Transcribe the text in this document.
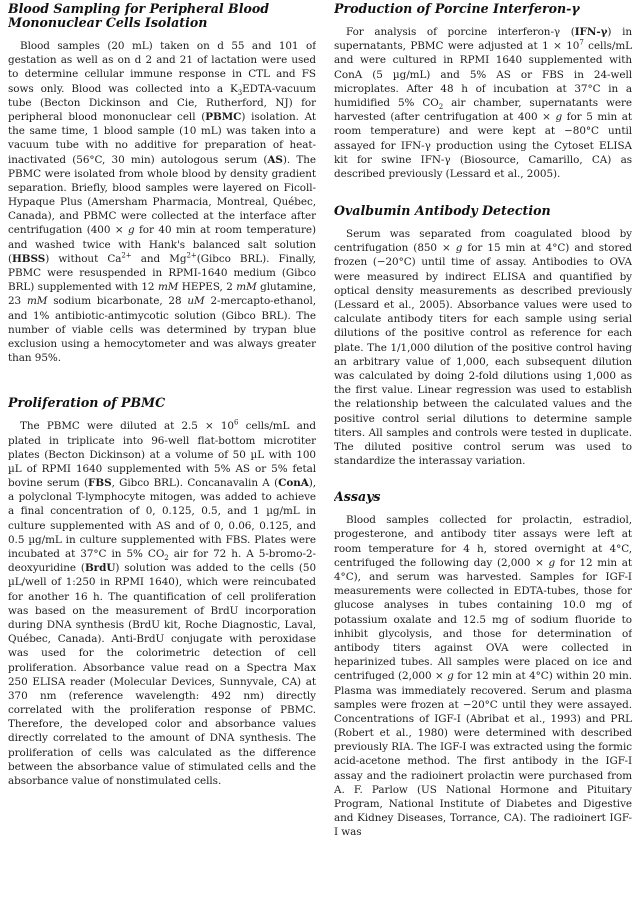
Blood Sampling for Peripheral Blood Mononuclear Cells Isolation

Blood samples (20 mL) taken on d 55 and 101 of gestation as well as on d 2 and 21 of lactation were used to determine cellular immune response in CTL and FS sows only. Blood was collected into a $K_3EDTA$-vacuum tube (Becton Dickinson and Cie, Rutherford, NJ) for peripheral blood mononuclear cell (PBMC) isolation. At the same time, 1 blood sample (10 mL) was taken into a vacuum tube with no additive for preparation of heat-inactivated (56°C, 30 min) autologous serum (AS). The PBMC were isolated from whole blood by density gradient separation. Briefly, blood samples were layered on Ficoll-Hypaque Plus (Amersham Pharmacia, Montreal, Québec, Canada), and PBMC were collected at the interface after centrifugation (400 × g for 40 min at room temperature) and washed twice with Hank's balanced salt solution (HBSS) without $Ca^{2+}$ and $Mg^{2+}(Gibco$ BRL). Finally, PBMC were resuspended in RPMI-1640 medium (Gibco BRL) supplemented with 12 mM HEPES, 2 mM glutamine, 23 mM sodium bicarbonate, 28 uM 2-mercapto-ethanol, and 1% antibiotic-antimycotic solution (Gibco BRL). The number of viable cells was determined by trypan blue exclusion using a hemocytometer and was always greater than 95%.

Proliferation of PBMC

The PBMC were diluted at $2.5 \times 10^6$ cells/mL and plated in triplicate into 96-well flat-bottom microtiter plates (Becton Dickinson) at a volume of 50 µL with 100 µL of RPMI 1640 supplemented with 5% AS or 5% fetal bovine serum (FBS, Gibco BRL). Concanavalin A (ConA), a polyclonal T-lymphocyte mitogen, was added to achieve a final concentration of 0, 0.125, 0.5, and 1 µg/mL in culture supplemented with AS and of 0, 0.06, 0.125, and 0.5 µg/mL in culture supplemented with FBS. Plates were incubated at 37°C in 5% $CO_2$ air for 72 h. A 5-bromo-2-deoxyuridine (BrdU) solution was added to the cells (50 µL/well of 1:250 in RPMI 1640), which were reincubated for another 16 h. The quantification of cell proliferation was based on the measurement of BrdU incorporation during DNA synthesis (BrdU kit, Roche Diagnostic, Laval, Québec, Canada). Anti-BrdU conjugate with peroxidase was used for the colorimetric detection of cell proliferation. Absorbance value read on a Spectra Max 250 ELISA reader (Molecular Devices, Sunnyvale, CA) at 370 nm (reference wavelength: 492 nm) directly correlated with the proliferation response of PBMC. Therefore, the developed color and absorbance values directly correlated to the amount of DNA synthesis. The proliferation of cells was calculated as the difference between the absorbance value of stimulated cells and the absorbance value of nonstimulated cells.

Production of Porcine Interferon-γ

For analysis of porcine interferon-γ (IFN-γ) in supernatants, PBMC were adjusted at $1 \times 10^7$ cells/mL and were cultured in RPMI 1640 supplemented with ConA (5 µg/mL) and 5% AS or FBS in 24-well microplates. After 48 h of incubation at 37°C in a humidified 5% $CO_2$ air chamber, supernatants were harvested (after centrifugation at 400 × g for 5 min at room temperature) and were kept at −80°C until assayed for IFN-γ production using the Cytoset ELISA kit for swine IFN-γ (Biosource, Camarillo, CA) as described previously (Lessard et al., 2005).

Ovalbumin Antibody Detection

Serum was separated from coagulated blood by centrifugation (850 × g for 15 min at 4°C) and stored frozen (−20°C) until time of assay. Antibodies to OVA were measured by indirect ELISA and quantified by optical density measurements as described previously (Lessard et al., 2005). Absorbance values were used to calculate antibody titers for each sample using serial dilutions of the positive control as reference for each plate. The 1/1,000 dilution of the positive control having an arbitrary value of 1,000, each subsequent dilution was calculated by doing 2-fold dilutions using 1,000 as the first value. Linear regression was used to establish the relationship between the calculated values and the positive control serial dilutions to determine sample titers. All samples and controls were tested in duplicate. The diluted positive control serum was used to standardize the interassay variation.

Assays

Blood samples collected for prolactin, estradiol, progesterone, and antibody titer assays were left at room temperature for 4 h, stored overnight at 4°C, centrifuged the following day (2,000 × g for 12 min at 4°C), and serum was harvested. Samples for IGF-I measurements were collected in EDTA-tubes, those for glucose analyses in tubes containing 10.0 mg of potassium oxalate and 12.5 mg of sodium fluoride to inhibit glycolysis, and those for determination of antibody titers against OVA were collected in heparinized tubes. All samples were placed on ice and centrifuged (2,000 × g for 12 min at 4°C) within 20 min. Plasma was immediately recovered. Serum and plasma samples were frozen at −20°C until they were assayed. Concentrations of IGF-I (Abribat et al., 1993) and PRL (Robert et al., 1980) were determined with described previously RIA. The IGF-I was extracted using the formic acid-acetone method. The first antibody in the IGF-I assay and the radioinert prolactin were purchased from A. F. Parlow (US National Hormone and Pituitary Program, National Institute of Diabetes and Digestive and Kidney Diseases, Torrance, CA). The radioinert IGF-I was
